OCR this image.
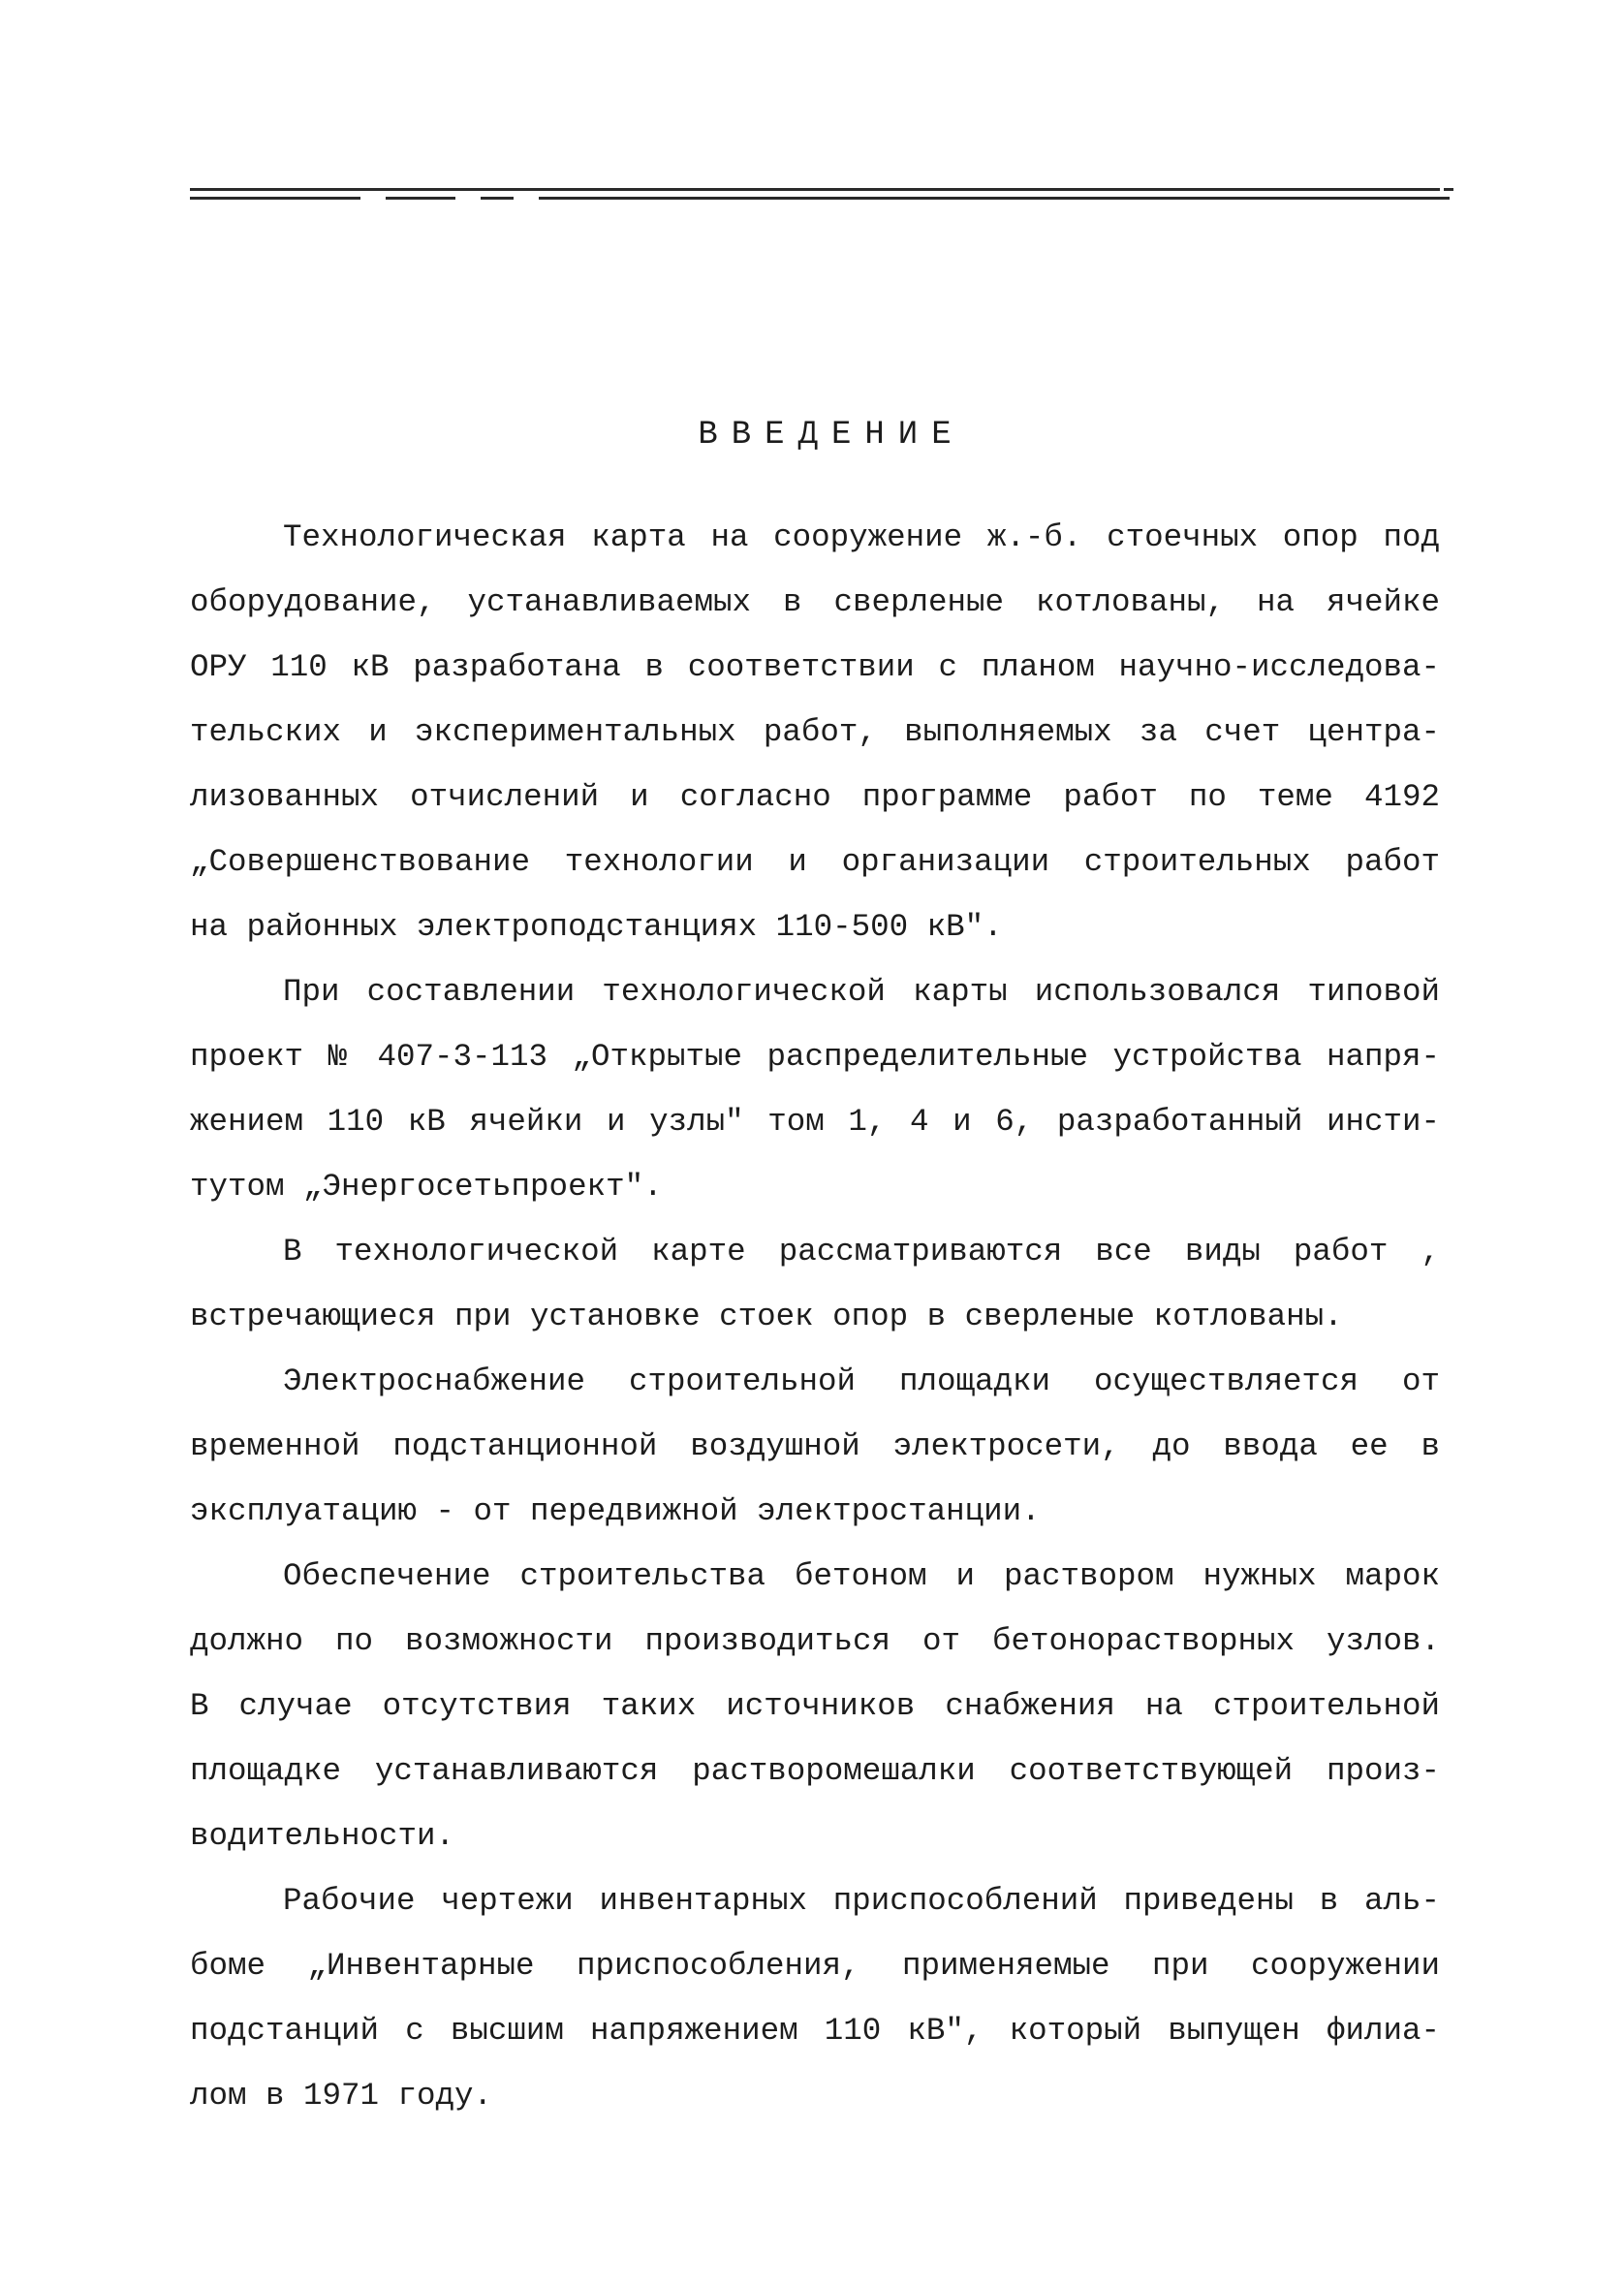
ВВЕДЕНИЕ
Технологическая карта на сооружение ж.-б. стоечных опор под
оборудование, устанавливаемых в сверленые котлованы, на ячейке
ОРУ 110 кВ разработана в соответствии с планом научно-исследова-
тельских и экспериментальных работ, выполняемых за счет центра-
лизованных отчислений и согласно программе работ по теме 4192
„Совершенствование технологии и организации строительных работ
на районных электроподстанциях 110-500 кВ".
При составлении технологической карты использовался типовой
проект № 407-3-113 „Открытые распределительные устройства напря-
жением 110 кВ ячейки и узлы" том 1, 4 и 6, разработанный инсти-
тутом „Энергосетьпроект".
В технологической карте рассматриваются все виды работ ,
встречающиеся при установке стоек опор в сверленые котлованы.
Электроснабжение строительной площадки осуществляется от
временной подстанционной воздушной электросети, до ввода ее в
эксплуатацию - от передвижной электростанции.
Обеспечение строительства бетоном и раствором нужных марок
должно по возможности производиться от бетонорастворных узлов.
В случае отсутствия таких источников снабжения на строительной
площадке устанавливаются растворомешалки соответствующей произ-
водительности.
Рабочие чертежи инвентарных приспособлений приведены в аль-
боме „Инвентарные приспособления, применяемые при сооружении
подстанций с высшим напряжением 110 кВ", который выпущен филиа-
лом в 1971 году.
